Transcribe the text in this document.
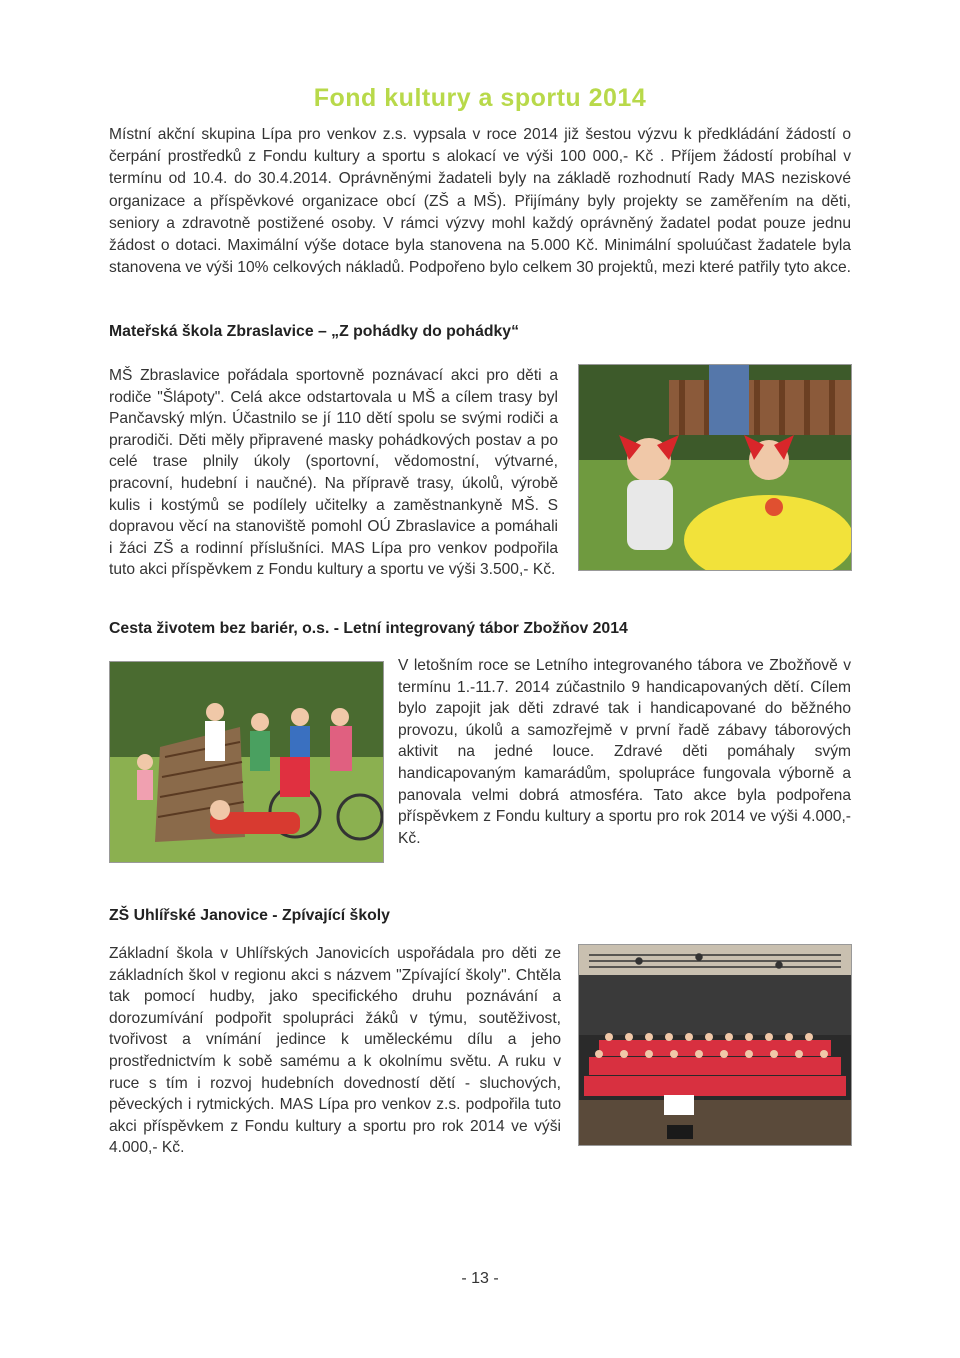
Fond kultury a sportu 2014
Místní akční skupina Lípa pro venkov z.s. vypsala v roce 2014 již šestou výzvu k předkládání žádostí o čerpání prostředků z Fondu kultury a sportu s alokací ve výši 100 000,- Kč . Příjem žádostí probíhal v termínu od 10.4. do 30.4.2014. Oprávněnými žadateli byly na základě rozhodnutí Rady MAS neziskové organizace a příspěvkové organizace obcí (ZŠ a MŠ). Přijímány byly projekty se zaměřením na děti, seniory a zdravotně postižené osoby. V rámci výzvy mohl každý oprávněný žadatel podat pouze jednu žádost o dotaci. Maximální výše dotace byla stanovena na 5.000 Kč. Minimální spoluúčast žadatele byla stanovena ve výši 10% celkových nákladů. Podpořeno bylo celkem 30 projektů, mezi které patřily tyto akce.
Mateřská škola Zbraslavice – „Z pohádky do pohádky“
MŠ Zbraslavice pořádala sportovně poznávací akci pro děti a rodiče "Šlápoty". Celá akce odstartovala u MŠ a cílem trasy byl Pančavský mlýn. Účastnilo se jí 110 dětí spolu se svými rodiči a prarodiči. Děti měly připravené masky pohádkových postav a po celé trase plnily úkoly (sportovní, vědomostní, výtvarné, pracovní, hudební i naučné). Na přípravě trasy, úkolů, výrobě kulis i kostýmů se podílely učitelky a zaměstnankyně MŠ. S dopravou věcí na stanoviště pomohl OÚ Zbraslavice a pomáhali i žáci ZŠ a rodinní příslušníci. MAS Lípa pro venkov podpořila tuto akci příspěvkem z Fondu kultury a sportu ve výši 3.500,- Kč.
Cesta životem bez bariér, o.s. - Letní integrovaný tábor Zbožňov 2014
V letošním roce se Letního integrovaného tábora ve Zbožňově v termínu 1.-11.7. 2014 zúčastnilo 9 handicapovaných dětí. Cílem bylo zapojit jak děti zdravé tak i handicapované do běžného provozu, úkolů a samozřejmě v první řadě zábavy táborových aktivit na jedné louce. Zdravé děti pomáhaly svým handicapovaným kamarádům, spolupráce fungovala výborně a panovala velmi dobrá atmosféra. Tato akce byla podpořena příspěvkem z Fondu kultury a sportu pro rok 2014 ve výši 4.000,- Kč.
ZŠ Uhlířské Janovice - Zpívající školy
Základní škola v Uhlířských Janovicích uspořádala pro děti ze základních škol v regionu akci s názvem "Zpívající školy". Chtěla tak pomocí hudby, jako specifického druhu poznávání a dorozumívání podpořit spolupráci žáků v týmu, soutěživost, tvořivost a vnímání jedince k uměleckému dílu a jeho prostřednictvím k sobě samému a k okolnímu světu. A ruku v ruce s tím i rozvoj hudebních dovedností dětí - sluchových, pěveckých i rytmických. MAS Lípa pro venkov z.s. podpořila tuto akci příspěvkem z Fondu kultury a sportu pro rok 2014 ve výši 4.000,- Kč.
- 13 -
